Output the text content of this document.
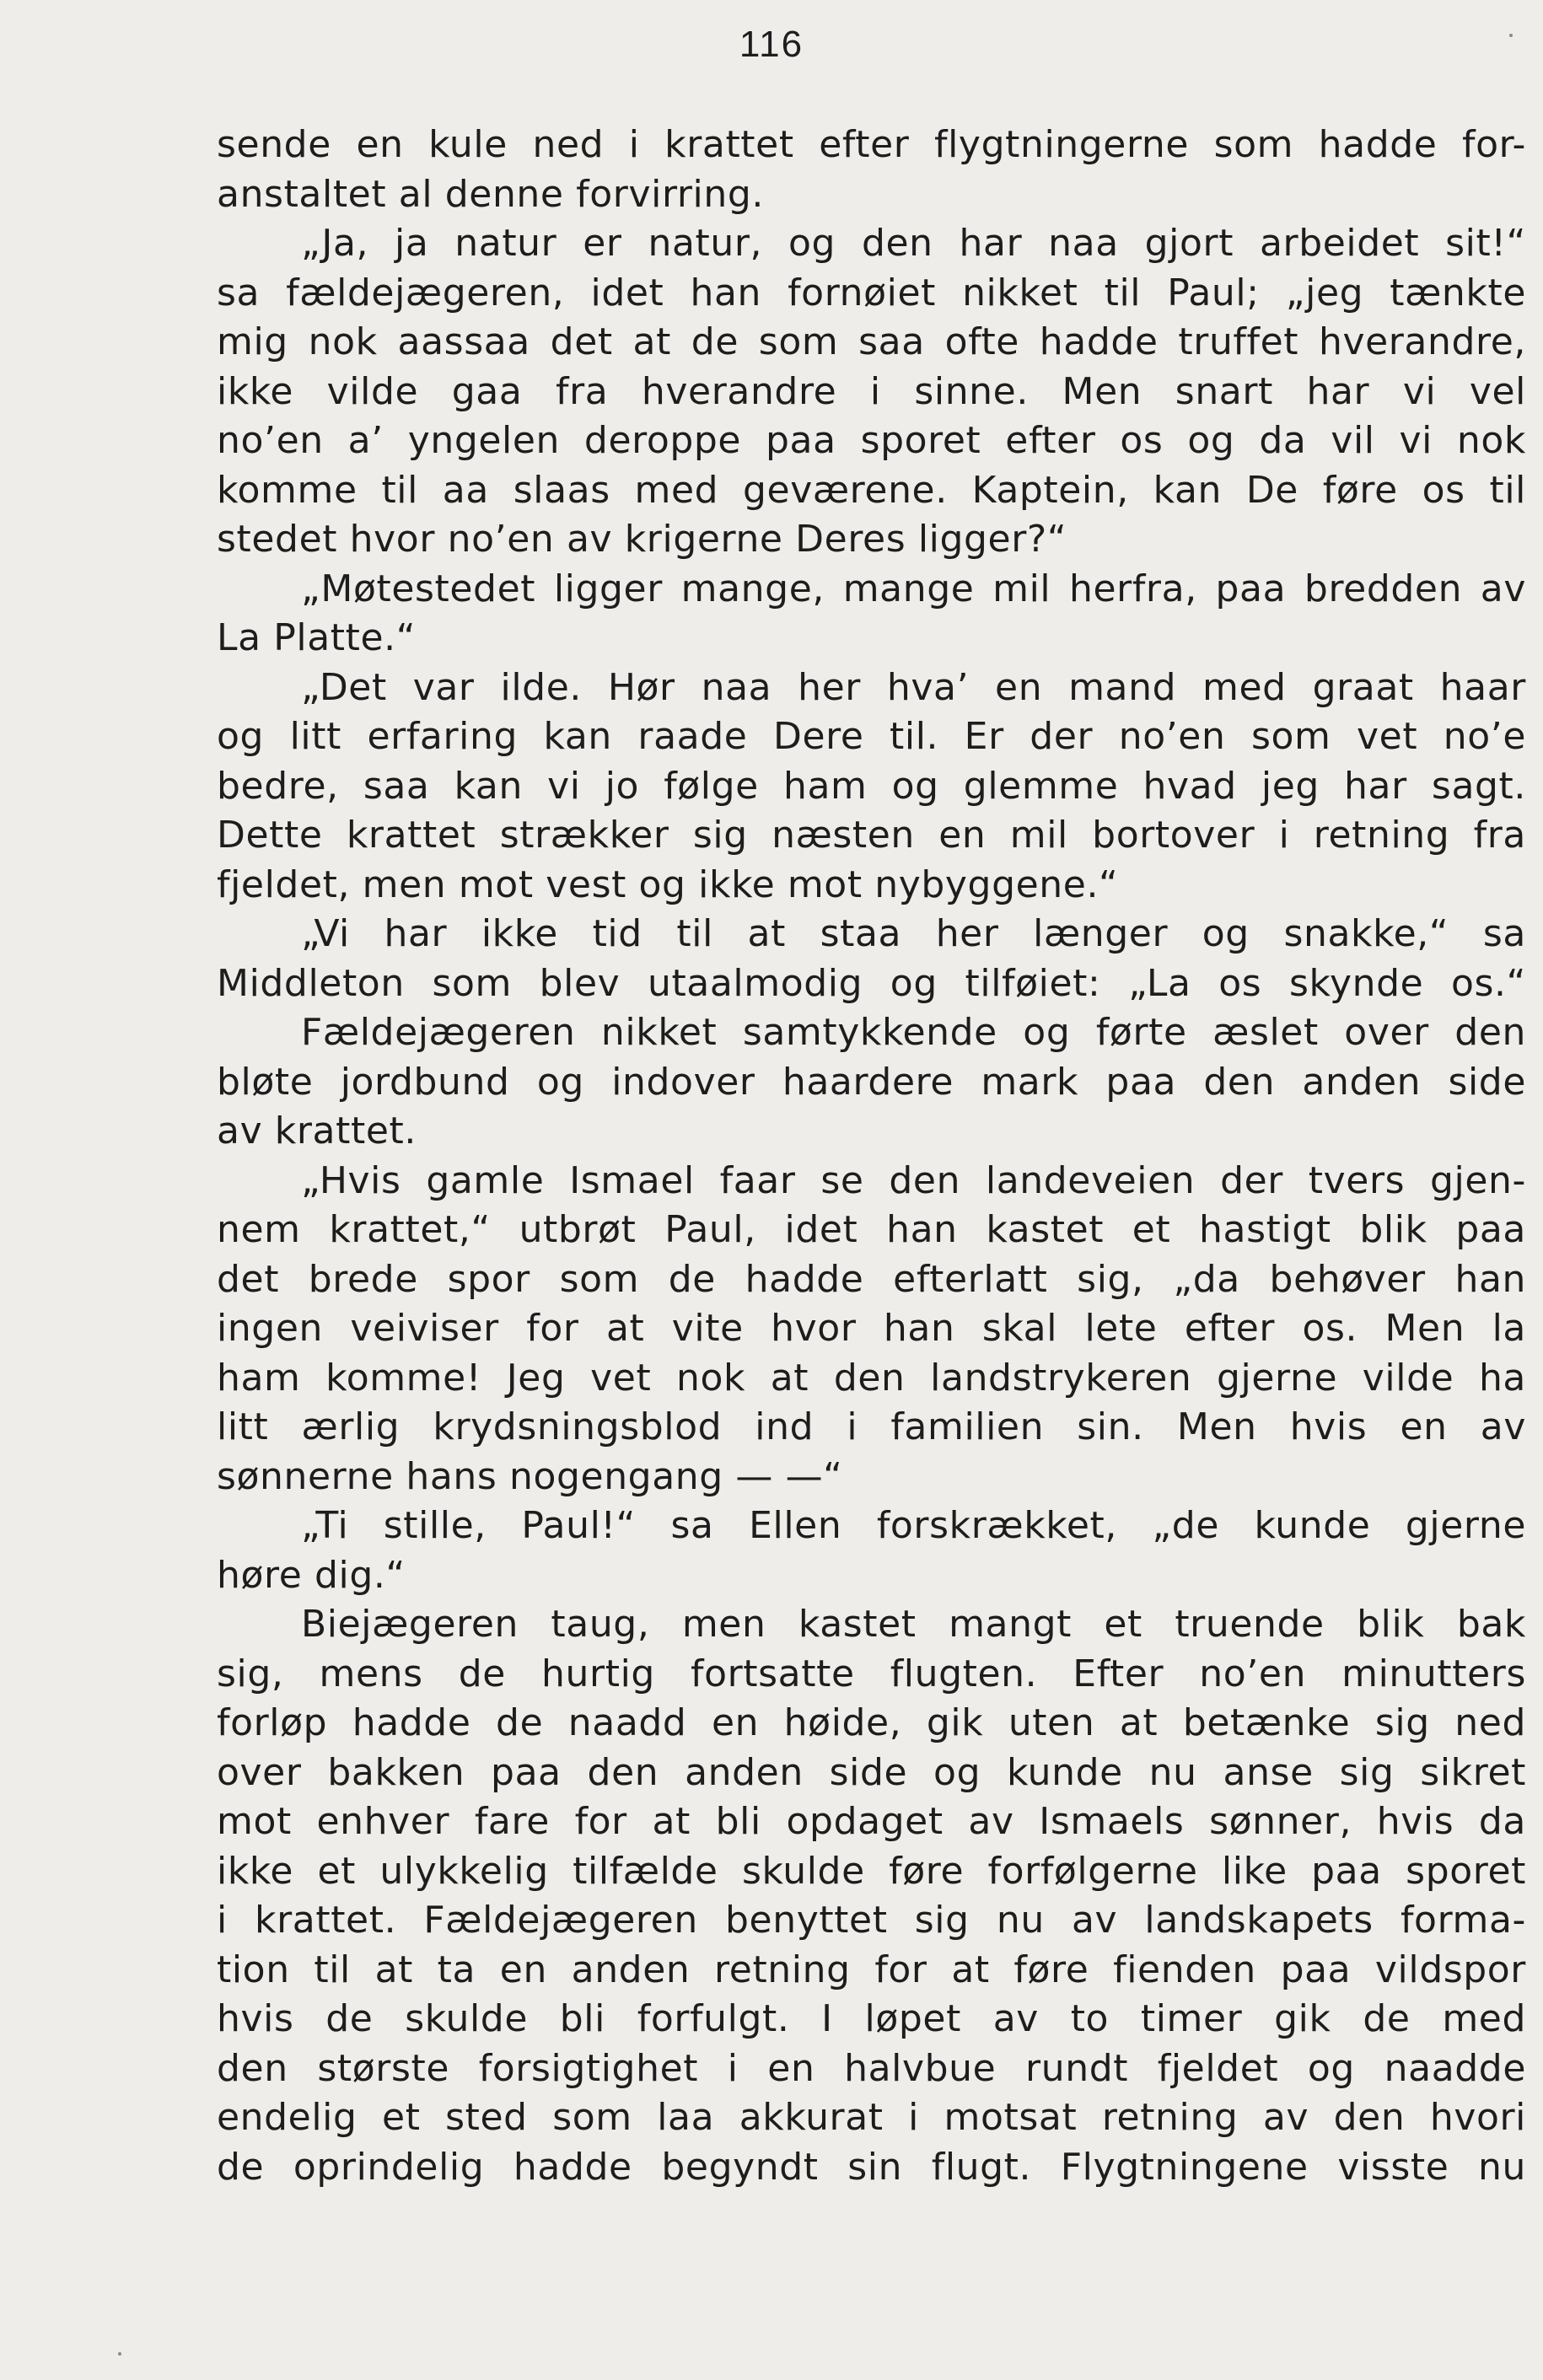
116
sende en kule ned i krattet efter flygtningerne som hadde for-
anstaltet al denne forvirring.
„Ja, ja natur er natur, og den har naa gjort arbeidet sit!“
sa fældejægeren, idet han fornøiet nikket til Paul; „jeg tænkte
mig nok aassaa det at de som saa ofte hadde truffet hverandre,
ikke vilde gaa fra hverandre i sinne. Men snart har vi vel
no’en a’ yngelen deroppe paa sporet efter os og da vil vi nok
komme til aa slaas med geværene. Kaptein, kan De føre os til
stedet hvor no’en av krigerne Deres ligger?“
„Møtestedet ligger mange, mange mil herfra, paa bredden av
La Platte.“
„Det var ilde. Hør naa her hva’ en mand med graat haar
og litt erfaring kan raade Dere til. Er der no’en som vet no’e
bedre, saa kan vi jo følge ham og glemme hvad jeg har sagt.
Dette krattet strækker sig næsten en mil bortover i retning fra
fjeldet, men mot vest og ikke mot nybyggene.“
„Vi har ikke tid til at staa her længer og snakke,“ sa
Middleton som blev utaalmodig og tilføiet: „La os skynde os.“
Fældejægeren nikket samtykkende og førte æslet over den
bløte jordbund og indover haardere mark paa den anden side
av krattet.
„Hvis gamle Ismael faar se den landeveien der tvers gjen-
nem krattet,“ utbrøt Paul, idet han kastet et hastigt blik paa
det brede spor som de hadde efterlatt sig, „da behøver han
ingen veiviser for at vite hvor han skal lete efter os. Men la
ham komme! Jeg vet nok at den landstrykeren gjerne vilde ha
litt ærlig krydsningsblod ind i familien sin. Men hvis en av
sønnerne hans nogengang — —“
„Ti stille, Paul!“ sa Ellen forskrækket, „de kunde gjerne
høre dig.“
Biejægeren taug, men kastet mangt et truende blik bak
sig, mens de hurtig fortsatte flugten. Efter no’en minutters
forløp hadde de naadd en høide, gik uten at betænke sig ned
over bakken paa den anden side og kunde nu anse sig sikret
mot enhver fare for at bli opdaget av Ismaels sønner, hvis da
ikke et ulykkelig tilfælde skulde føre forfølgerne like paa sporet
i krattet. Fældejægeren benyttet sig nu av landskapets forma-
tion til at ta en anden retning for at føre fienden paa vildspor
hvis de skulde bli forfulgt. I løpet av to timer gik de med
den største forsigtighet i en halvbue rundt fjeldet og naadde
endelig et sted som laa akkurat i motsat retning av den hvori
de oprindelig hadde begyndt sin flugt. Flygtningene visste nu
